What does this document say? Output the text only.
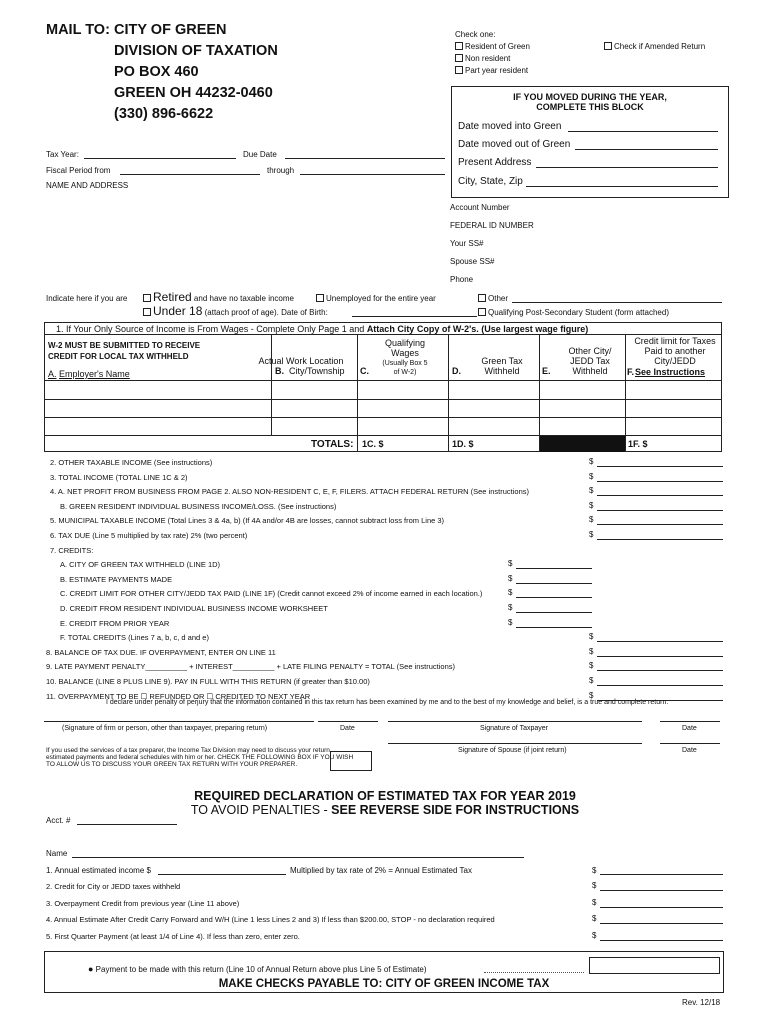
MAIL TO: CITY OF GREEN
DIVISION OF TAXATION
PO BOX 460
GREEN OH 44232-0460
(330) 896-6622
Check one:
Resident of Green
Non resident
Part year resident
Check if Amended Return
IF YOU MOVED DURING THE YEAR,
COMPLETE THIS BLOCK
Date moved into Green
Date moved out of Green
Present Address
City, State, Zip
Tax Year:	Due Date
Fiscal Period from	through
NAME AND ADDRESS
Account Number
FEDERAL ID NUMBER
Your SS#
Spouse SS#
Phone
Indicate here if you are	Retired and have no taxable income	Unemployed for the entire year	Other
Under 18 (attach proof of age). Date of Birth:	Qualifying Post-Secondary Student (form attached)
1. If Your Only Source of Income is From Wages - Complete Only Page 1 and Attach City Copy of W-2's. (Use largest wage figure)
W-2 MUST BE SUBMITTED TO RECEIVE
CREDIT FOR LOCAL TAX WITHHELD
A. Employer's Name
Actual Work Location
B. City/Township
Qualifying
Wages
(Usually Box 5
C.	of W-2)
Green Tax
D.	Withheld
Other City/
JEDD Tax
E.	Withheld
Credit limit for Taxes
Paid to another
City/JEDD
F. See Instructions
TOTALS: 1C. $	1D. $	1F. $
I declare under penalty of perjury that the information contained in this tax return has been examined by me and to the best of my knowledge and belief, is a true and complete return.
(Signature of firm or person, other than taxpayer, preparing return)	Date	Signature of Taxpayer	Date
If you used the services of a tax preparer, the Income Tax Division may need to discuss your return,
estimated payments and federal schedules with him or her. CHECK THE FOLLOWING BOX IF YOU WISH
TO ALLOW US TO DISCUSS YOUR GREEN TAX RETURN WITH YOUR PREPARER.
Signature of Spouse (if joint return)	Date
REQUIRED DECLARATION OF ESTIMATED TAX FOR YEAR 2019
TO AVOID PENALTIES - SEE REVERSE SIDE FOR INSTRUCTIONS
Acct. #
Name
1. Annual estimated income $	Multiplied by tax rate of 2% = Annual Estimated Tax	$
● Payment to be made with this return (Line 10 of Annual Return above plus Line 5 of Estimate)
MAKE CHECKS PAYABLE TO: CITY OF GREEN INCOME TAX
Rev. 12/18
2. OTHER TAXABLE INCOME (See instructions)	$
3. TOTAL INCOME (TOTAL LINE 1C & 2)	$
4. A. NET PROFIT FROM BUSINESS FROM PAGE 2. ALSO NON-RESIDENT C, E, F, FILERS. ATTACH FEDERAL RETURN (See instructions)	$
B. GREEN RESIDENT INDIVIDUAL BUSINESS INCOME/LOSS. (See instructions)	$
5. MUNICIPAL TAXABLE INCOME (Total Lines 3 & 4a, b) (If 4A and/or 4B are losses, cannot subtract loss from Line 3)	$
6. TAX DUE (Line 5 multiplied by tax rate) 2% (two percent)	$
7. CREDITS:
A. CITY OF GREEN TAX WITHHELD (LINE 1D)	$
B. ESTIMATE PAYMENTS MADE	$
C. CREDIT LIMIT FOR OTHER CITY/JEDD TAX PAID (LINE 1F) (Credit cannot exceed 2% of income earned in each location.)	$
D. CREDIT FROM RESIDENT INDIVIDUAL BUSINESS INCOME WORKSHEET	$
E. CREDIT FROM PRIOR YEAR	$
F. TOTAL CREDITS (Lines 7 a, b, c, d and e)	$
8. BALANCE OF TAX DUE. IF OVERPAYMENT, ENTER ON LINE 11	$
9. LATE PAYMENT PENALTY__________ + INTEREST__________ + LATE FILING PENALTY = TOTAL (See instructions)	$
10. BALANCE (LINE 8 PLUS LINE 9). PAY IN FULL WITH THIS RETURN (if greater than $10.00)	$
11. OVERPAYMENT TO BE ☐ REFUNDED OR ☐ CREDITED TO NEXT YEAR	$
2. Credit for City or JEDD taxes withheld	$
3. Overpayment Credit from previous year (Line 11 above)	$
4. Annual Estimate After Credit Carry Forward and W/H (Line 1 less Lines 2 and 3) If less than $200.00, STOP - no declaration required	$
5. First Quarter Payment (at least 1/4 of Line 4). If less than zero, enter zero.	$
